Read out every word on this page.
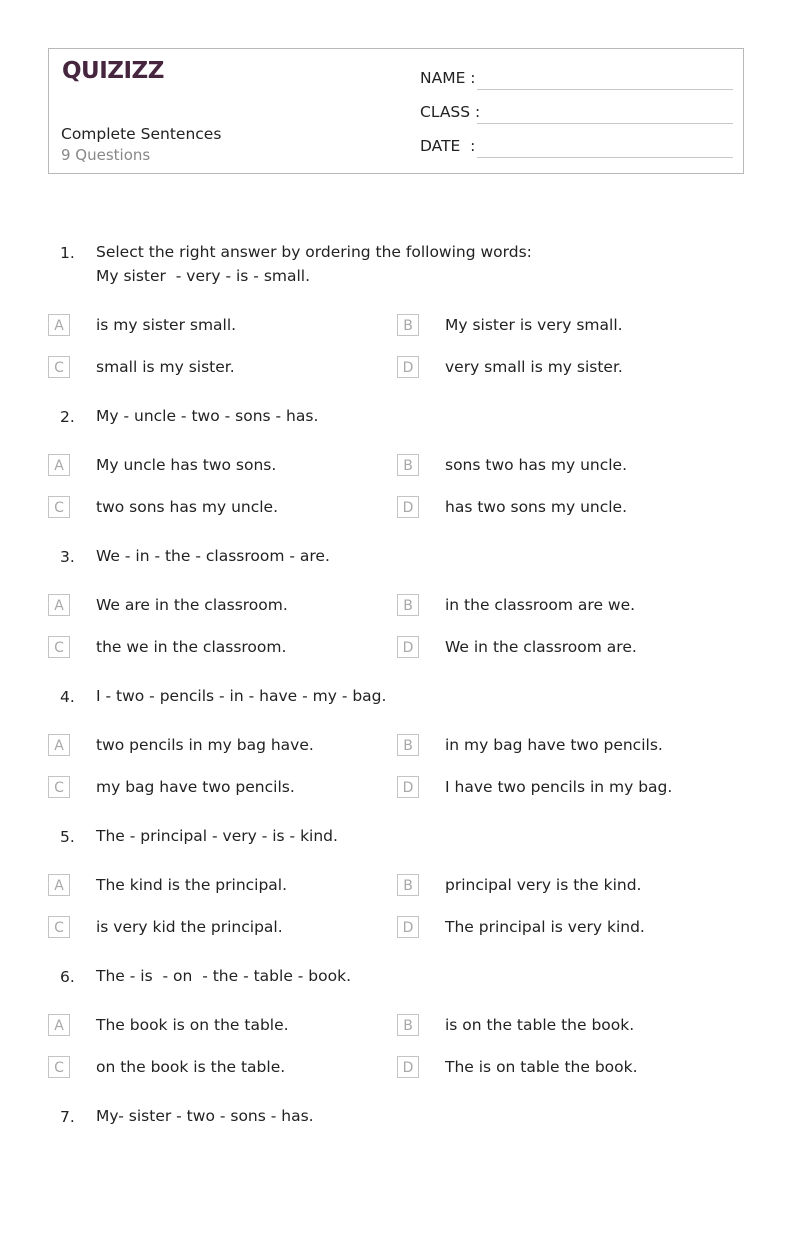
QUIZIZZ
Complete Sentences
9 Questions
NAME :
CLASS :
DATE  :
1. Select the right answer by ordering the following words:
My sister  - very - is - small.
A	is my sister small.	B	My sister is very small.
C	small is my sister.	D	very small is my sister.
2. My - uncle - two - sons - has.
A	My uncle has two sons.	B	sons two has my uncle.
C	two sons has my uncle.	D	has two sons my uncle.
3. We - in - the - classroom - are.
A	We are in the classroom.	B	in the classroom are we.
C	the we in the classroom.	D	We in the classroom are.
4. I - two - pencils - in - have - my - bag.
A	two pencils in my bag have.	B	in my bag have two pencils.
C	my bag have two pencils.	D	I have two pencils in my bag.
5. The - principal - very - is - kind.
A	The kind is the principal.	B	principal very is the kind.
C	is very kid the principal.	D	The principal is very kind.
6. The - is  - on  - the - table - book.
A	The book is on the table.	B	is on the table the book.
C	on the book is the table.	D	The is on table the book.
7. My- sister - two - sons - has.
